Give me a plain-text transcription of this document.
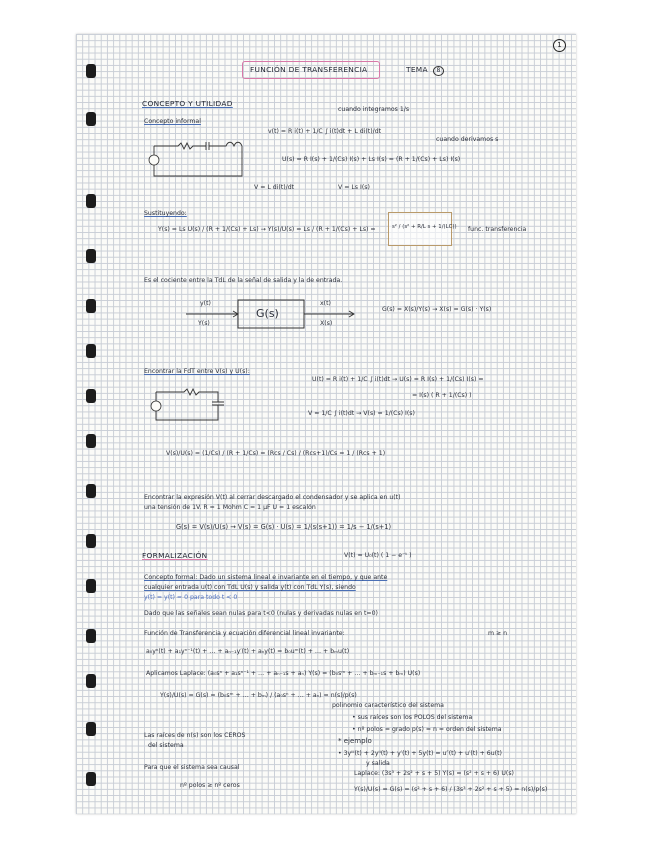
1
FUNCIÓN DE TRANSFERENCIA	TEMA	8
CONCEPTO Y UTILIDAD
Concepto informal
cuando integramos 1/s
v(t) = R i(t) + 1/C ∫ i(t)dt + L di(t)/dt
cuando derivamos s
U(s) = R I(s) + 1/(Cs) I(s) + Ls I(s) = (R + 1/(Cs) + Ls) I(s)
V = L di(t)/dt	V = Ls I(s)
Sustituyendo:
Y(s) = Ls U(s) / (R + 1/(Cs) + Ls) → Y(s)/U(s) = Ls / (R + 1/(Cs) + Ls) =	s² / (s² + R/L s + 1/(LC)) func. transferencia
Es el cociente entre la TdL de la señal de salida y la de entrada.
y(t)
Y(s)
G(s)
x(t)
X(s)
G(s) = X(s)/Y(s) → X(s) = G(s) · Y(s)
Encontrar la FdT entre V(s) y U(s):
U(t) = R i(t) + 1/C ∫ i(t)dt → U(s) = R I(s) + 1/(Cs) I(s) =
= I(s) ( R + 1/(Cs) )
V = 1/C ∫ i(t)dt → V(s) = 1/(Cs) I(s)
V(s)/U(s) = (1/Cs) / (R + 1/Cs) = (Rcs / Cs) / (Rcs+1)/Cs = 1 / (Rcs + 1)
Encontrar la expresión V(t) al cerrar descargado el condensador y se aplica en u(t)
una tensión de 1V. R = 1 Mohm C = 1 μF U = 1 escalón
G(s) = V(s)/U(s) → V(s) = G(s) · U(s) = 1/(s(s+1)) = 1/s − 1/(s+1)
FORMALIZACIÓN	V(t) = U₀(t) ( 1 − e⁻ᵗ )
Concepto formal: Dado un sistema lineal e invariante en el tiempo, y que ante
cualquier entrada u(t) con TdL U(s) y salida y(t) con TdL Y(s), siendo
y(t) = y(t) = 0 para todo t < 0
Dado que las señales sean nulas para t<0 (nulas y derivadas nulas en t=0)
Función de Transferencia y ecuación diferencial lineal invariante:	m ≥ n
a₀yⁿ(t) + a₁yⁿ⁻¹(t) + … + aₙ₋₁y′(t) + aₙy(t) = b₀uᵐ(t) + … + bₘu(t)
Aplicamos Laplace: (a₀sⁿ + a₁sⁿ⁻¹ + … + aₙ₋₁s + aₙ) Y(s) = (b₀sᵐ + … + bₘ₋₁s + bₘ) U(s)
Y(s)/U(s) = G(s) = (b₀sᵐ + … + bₘ) / (a₀sⁿ + … + aₙ) = n(s)/p(s)
polinomio característico del sistema
• sus raíces son los POLOS del sistema
• nº polos = grado p(s) = n = orden del sistema
Las raíces de n(s) son los CEROS
del sistema
* ejemplo
• 3yⁱⁱⁱ(t) + 2yⁱⁱ(t) + y′(t) + 5y(t) = u″(t) + u′(t) + 6u(t)
y salida
Laplace: (3s³ + 2s² + s + 5) Y(s) = (s² + s + 6) U(s)
Y(s)/U(s) = G(s) = (s² + s + 6) / (3s³ + 2s² + s + 5) = n(s)/p(s)
Para que el sistema sea causal
nº polos ≥ nº ceros
